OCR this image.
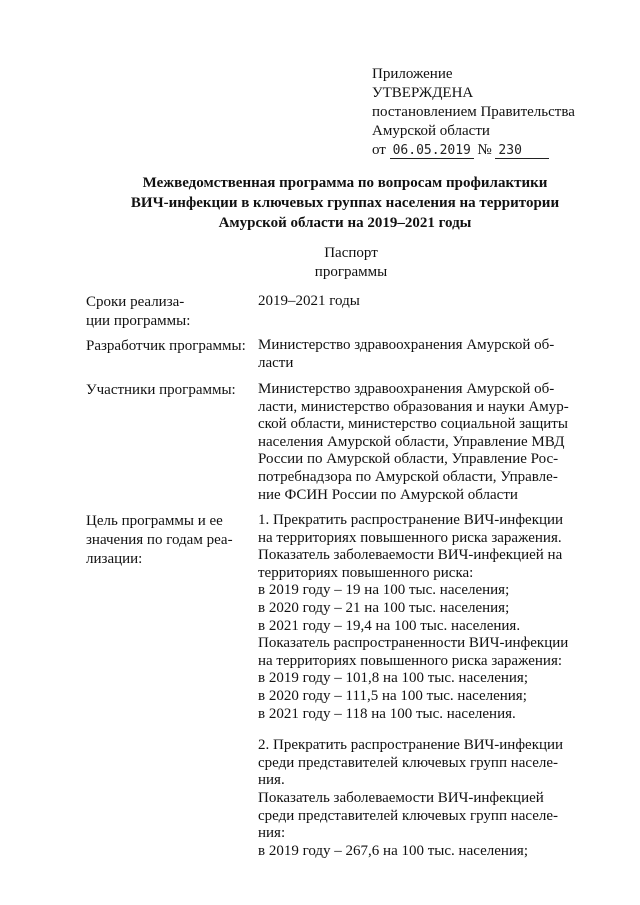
Приложение
УТВЕРЖДЕНА
постановлением Правительства
Амурской области
от 06.05.2019 № 230
Межведомственная программа по вопросам профилактики
ВИЧ-инфекции в ключевых группах населения на территории
Амурской области на 2019–2021 годы
Паспорт
программы
Сроки реализа-
ции программы:
2019–2021 годы
Разработчик программы: Министерство здравоохранения Амурской об-
ласти
Участники программы:	Министерство здравоохранения Амурской об-
ласти, министерство образования и науки Амур-
ской области, министерство социальной защиты
населения Амурской области, Управление МВД
России по Амурской области, Управление Рос-
потребнадзора по Амурской области, Управле-
ние ФСИН России по Амурской области
Цель программы и ее
значения по годам реа-
лизации:
1. Прекратить распространение ВИЧ-инфекции
на территориях повышенного риска заражения.
Показатель заболеваемости ВИЧ-инфекцией на
территориях повышенного риска:
в 2019 году – 19 на 100 тыс. населения;
в 2020 году – 21 на 100 тыс. населения;
в 2021 году – 19,4 на 100 тыс. населения.
Показатель распространенности ВИЧ-инфекции
на территориях повышенного риска заражения:
в 2019 году – 101,8 на 100 тыс. населения;
в 2020 году – 111,5 на 100 тыс. населения;
в 2021 году – 118 на 100 тыс. населения.
2. Прекратить распространение ВИЧ-инфекции
среди представителей ключевых групп населе-
ния.
Показатель заболеваемости ВИЧ-инфекцией
среди представителей ключевых групп населе-
ния:
в 2019 году – 267,6 на 100 тыс. населения;
